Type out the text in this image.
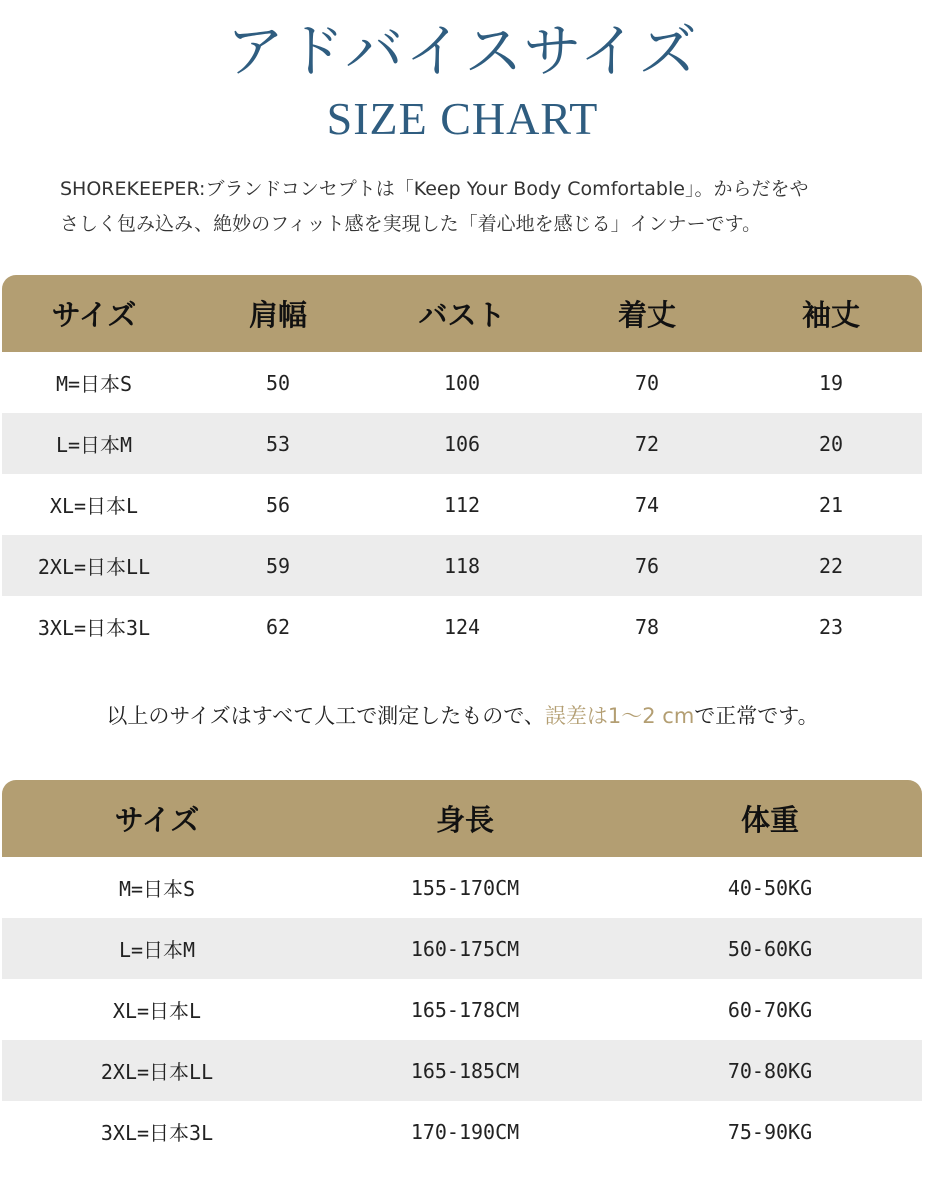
アドバイスサイズ
SIZE CHART
SHOREKEEPER:ブランドコンセプトは「Keep Your Body Comfortable」。からだをや
さしく包み込み、絶妙のフィット感を実現した「着心地を感じる」インナーです。
サイズ	肩幅	バスト	着丈	袖丈
M=日本S	50	100	70	19
L=日本M	53	106	72	20
XL=日本L	56	112	74	21
2XL=日本LL	59	118	76	22
3XL=日本3L	62	124	78	23
以上のサイズはすべて人工で測定したもので、誤差は1〜2 cmで正常です。
サイズ	身長	体重
M=日本S	155-170CM	40-50KG
L=日本M	160-175CM	50-60KG
XL=日本L	165-178CM	60-70KG
2XL=日本LL	165-185CM	70-80KG
3XL=日本3L	170-190CM	75-90KG
